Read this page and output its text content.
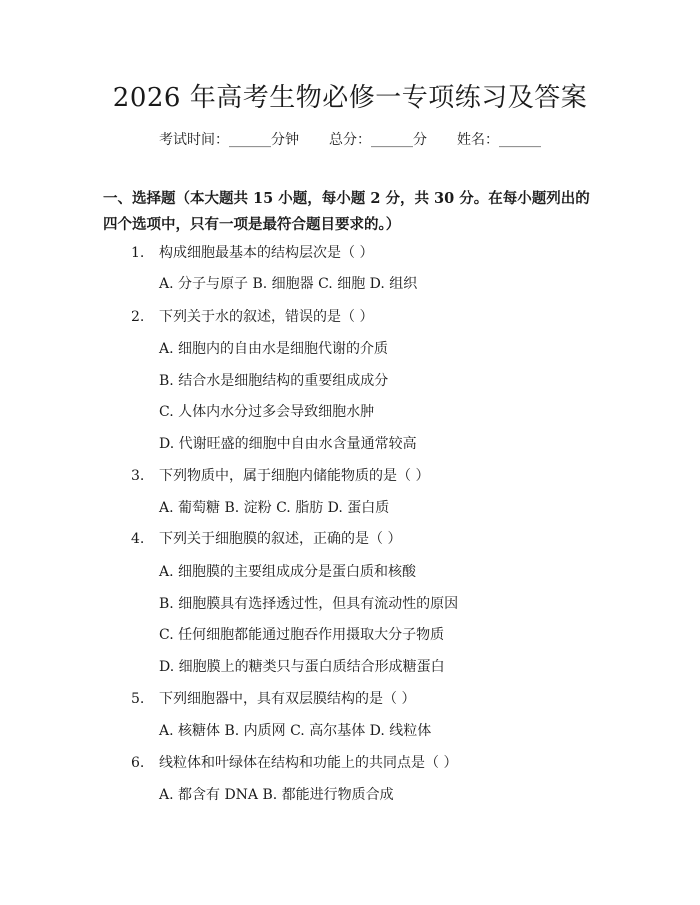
2026 年高考生物必修一专项练习及答案
考试时间：______分钟 总分：______分 姓名：______
一、选择题（本大题共 15 小题，每小题 2 分，共 30 分。在每小题列出的四个选项中，只有一项是最符合题目要求的。）
1. 构成细胞最基本的结构层次是（ ）
A. 分子与原子 B. 细胞器 C. 细胞 D. 组织
2. 下列关于水的叙述，错误的是（ ）
A. 细胞内的自由水是细胞代谢的介质
B. 结合水是细胞结构的重要组成成分
C. 人体内水分过多会导致细胞水肿
D. 代谢旺盛的细胞中自由水含量通常较高
3. 下列物质中，属于细胞内储能物质的是（ ）
A. 葡萄糖 B. 淀粉 C. 脂肪 D. 蛋白质
4. 下列关于细胞膜的叙述，正确的是（ ）
A. 细胞膜的主要组成成分是蛋白质和核酸
B. 细胞膜具有选择透过性，但具有流动性的原因
C. 任何细胞都能通过胞吞作用摄取大分子物质
D. 细胞膜上的糖类只与蛋白质结合形成糖蛋白
5. 下列细胞器中，具有双层膜结构的是（ ）
A. 核糖体 B. 内质网 C. 高尔基体 D. 线粒体
6. 线粒体和叶绿体在结构和功能上的共同点是（ ）
A. 都含有 DNA B. 都能进行物质合成
